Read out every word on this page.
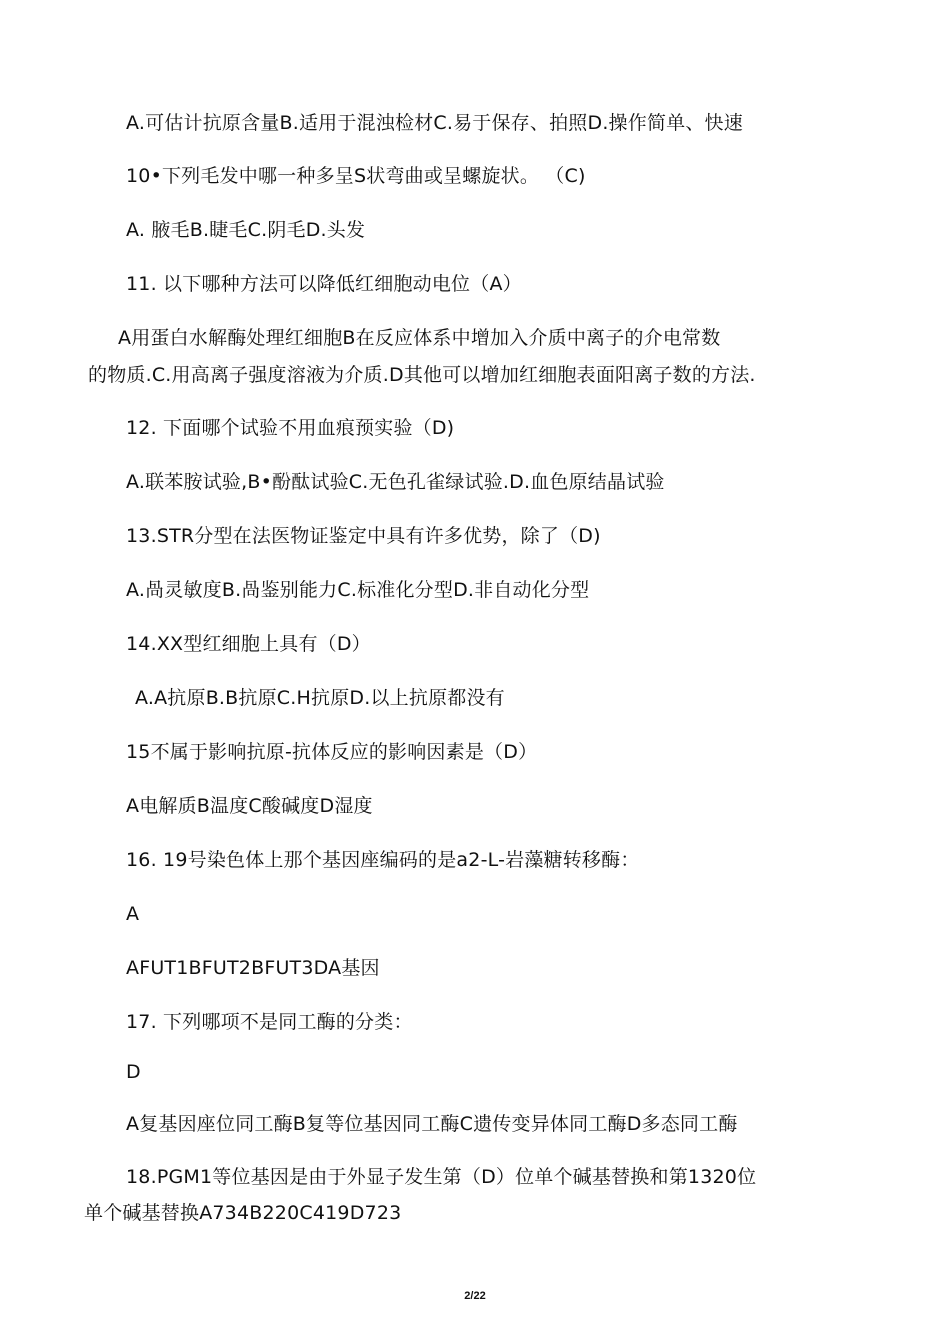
A.可估计抗原含量B.适用于混浊检材C.易于保存、拍照D.操作简单、快速
10•下列毛发中哪一种多呈S状弯曲或呈螺旋状。 （C)
A. 腋毛B.睫毛C.阴毛D.头发
11. 以下哪种方法可以降低红细胞动电位（A）
A用蛋白水解酶处理红细胞B在反应体系中增加入介质中离子的介电常数
的物质.C.用高离子强度溶液为介质.D其他可以增加红细胞表面阳离子数的方法.
12. 下面哪个试验不用血痕预实验（D)
A.联苯胺试验,B•酚酞试验C.无色孔雀绿试验.D.血色原结晶试验
13.STR分型在法医物证鉴定中具有许多优势，除了（D)
A.咼灵敏度B.咼鉴别能力C.标准化分型D.非自动化分型
14.XX型红细胞上具有（D）
A.A抗原B.B抗原C.H抗原D.以上抗原都没有
15不属于影响抗原-抗体反应的影响因素是（D）
A电解质B温度C酸碱度D湿度
16. 19号染色体上那个基因座编码的是a2-L-岩藻糖转移酶：
A
AFUT1BFUT2BFUT3DA基因
17. 下列哪项不是同工酶的分类：
D
A复基因座位同工酶B复等位基因同工酶C遗传变异体同工酶D多态同工酶
18.PGM1等位基因是由于外显子发生第（D）位单个碱基替换和第1320位
单个碱基替换A734B220C419D723
2/22
